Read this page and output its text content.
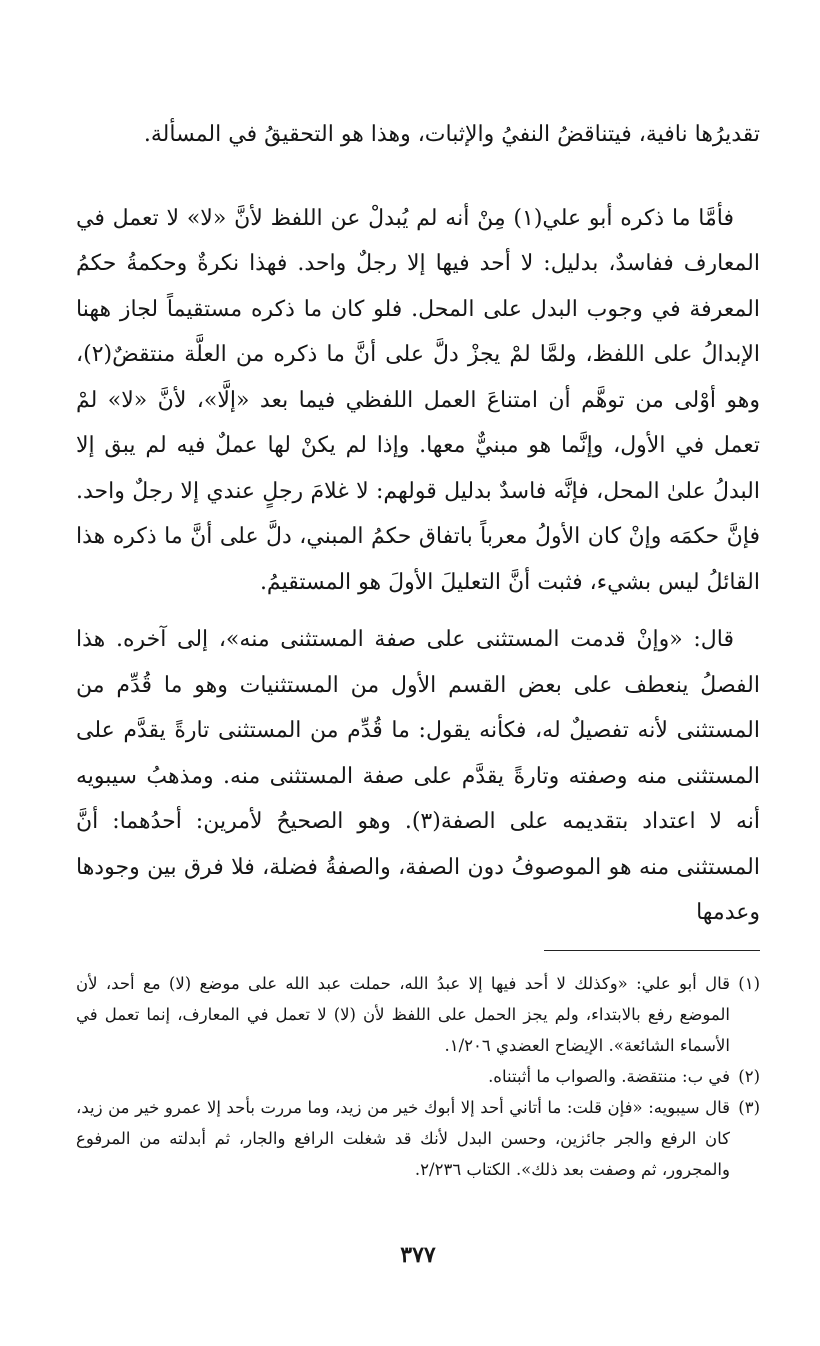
تقديرُها نافية، فيتناقضُ النفيُ والإثبات، وهذا هو التحقيقُ في المسألة.

فأمَّا ما ذكره أبو علي(١) مِنْ أنه لم يُبدلْ عن اللفظ لأنَّ «لا» لا تعمل في المعارف ففاسدٌ، بدليل: لا أحد فيها إلا رجلٌ واحد. فهذا نكرةٌ وحكمةُ حكمُ المعرفة في وجوب البدل على المحل. فلو كان ما ذكره مستقيماً لجاز ههنا الإبدالُ على اللفظ، ولمَّا لمْ يجزْ دلَّ على أنَّ ما ذكره من العلَّة منتقضٌ(٢)، وهو أوْلى من توهَّم أن امتناعَ العمل اللفظي فيما بعد «إلَّا»، لأنَّ «لا» لمْ تعمل في الأول، وإنَّما هو مبنيٌّ معها. وإذا لم يكنْ لها عملٌ فيه لم يبق إلا البدلُ علىٰ المحل، فإنَّه فاسدٌ بدليل قولهم: لا غلامَ رجلٍ عندي إلا رجلٌ واحد. فإنَّ حكمَه وإنْ كان الأولُ معرباً باتفاق حكمُ المبني، دلَّ على أنَّ ما ذكره هذا القائلُ ليس بشيء، فثبت أنَّ التعليلَ الأولَ هو المستقيمُ.

قال: «وإنْ قدمت المستثنى على صفة المستثنى منه»، إلى آخره. هذا الفصلُ ينعطف على بعض القسم الأول من المستثنيات وهو ما قُدِّم من المستثنى لأنه تفصيلٌ له، فكأنه يقول: ما قُدِّم من المستثنى تارةً يقدَّم على المستثنى منه وصفته وتارةً يقدَّم على صفة المستثنى منه. ومذهبُ سيبويه أنه لا اعتداد بتقديمه على الصفة(٣). وهو الصحيحُ لأمرين: أحدُهما: أنَّ المستثنى منه هو الموصوفُ دون الصفة، والصفةُ فضلة، فلا فرق بين وجودها وعدمها

(١)
قال أبو علي: «وكذلك لا أحد فيها إلا عبدُ الله، حملت عبد الله على موضع (لا) مع أحد، لأن الموضع رفع بالابتداء، ولم يجز الحمل على اللفظ لأن (لا) لا تعمل في المعارف، إنما تعمل في الأسماء الشائعة». الإيضاح العضدي ١/٢٠٦.

(٢)
في ب: منتقضة. والصواب ما أثبتناه.

(٣)
قال سيبويه: «فإن قلت: ما أتاني أحد إلا أبوك خير من زيد، وما مررت بأحد إلا عمرو خير من زيد، كان الرفع والجر جائزين، وحسن البدل لأنك قد شغلت الرافع والجار، ثم أبدلته من المرفوع والمجرور، ثم وصفت بعد ذلك». الكتاب ٢/٢٣٦.

٣٧٧
